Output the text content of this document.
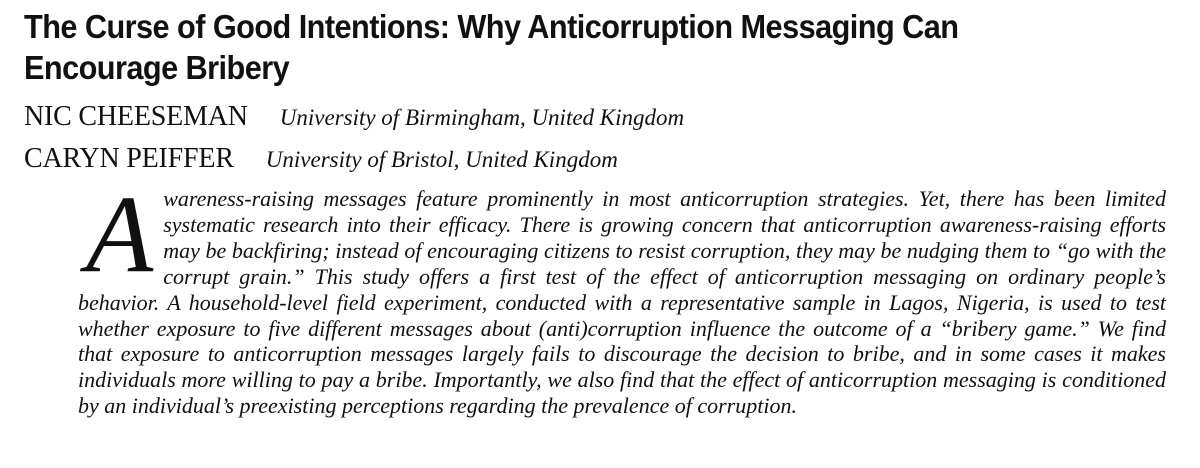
The Curse of Good Intentions: Why Anticorruption Messaging Can Encourage Bribery
NIC CHEESEMAN University of Birmingham, United Kingdom
CARYN PEIFFER University of Bristol, United Kingdom

Awareness-raising messages feature prominently in most anticorruption strategies. Yet, there has been limited systematic research into their efficacy. There is growing concern that anticorruption awareness-raising efforts may be backfiring; instead of encouraging citizens to resist corruption, they may be nudging them to “go with the corrupt grain.” This study offers a first test of the effect of anticorruption messaging on ordinary people’s behavior. A household-level field experiment, conducted with a representative sample in Lagos, Nigeria, is used to test whether exposure to five different messages about (anti)corruption influence the outcome of a “bribery game.” We find that exposure to anticorruption messages largely fails to discourage the decision to bribe, and in some cases it makes individuals more willing to pay a bribe. Importantly, we also find that the effect of anticorruption messaging is conditioned by an individual’s preexisting perceptions regarding the prevalence of corruption.
